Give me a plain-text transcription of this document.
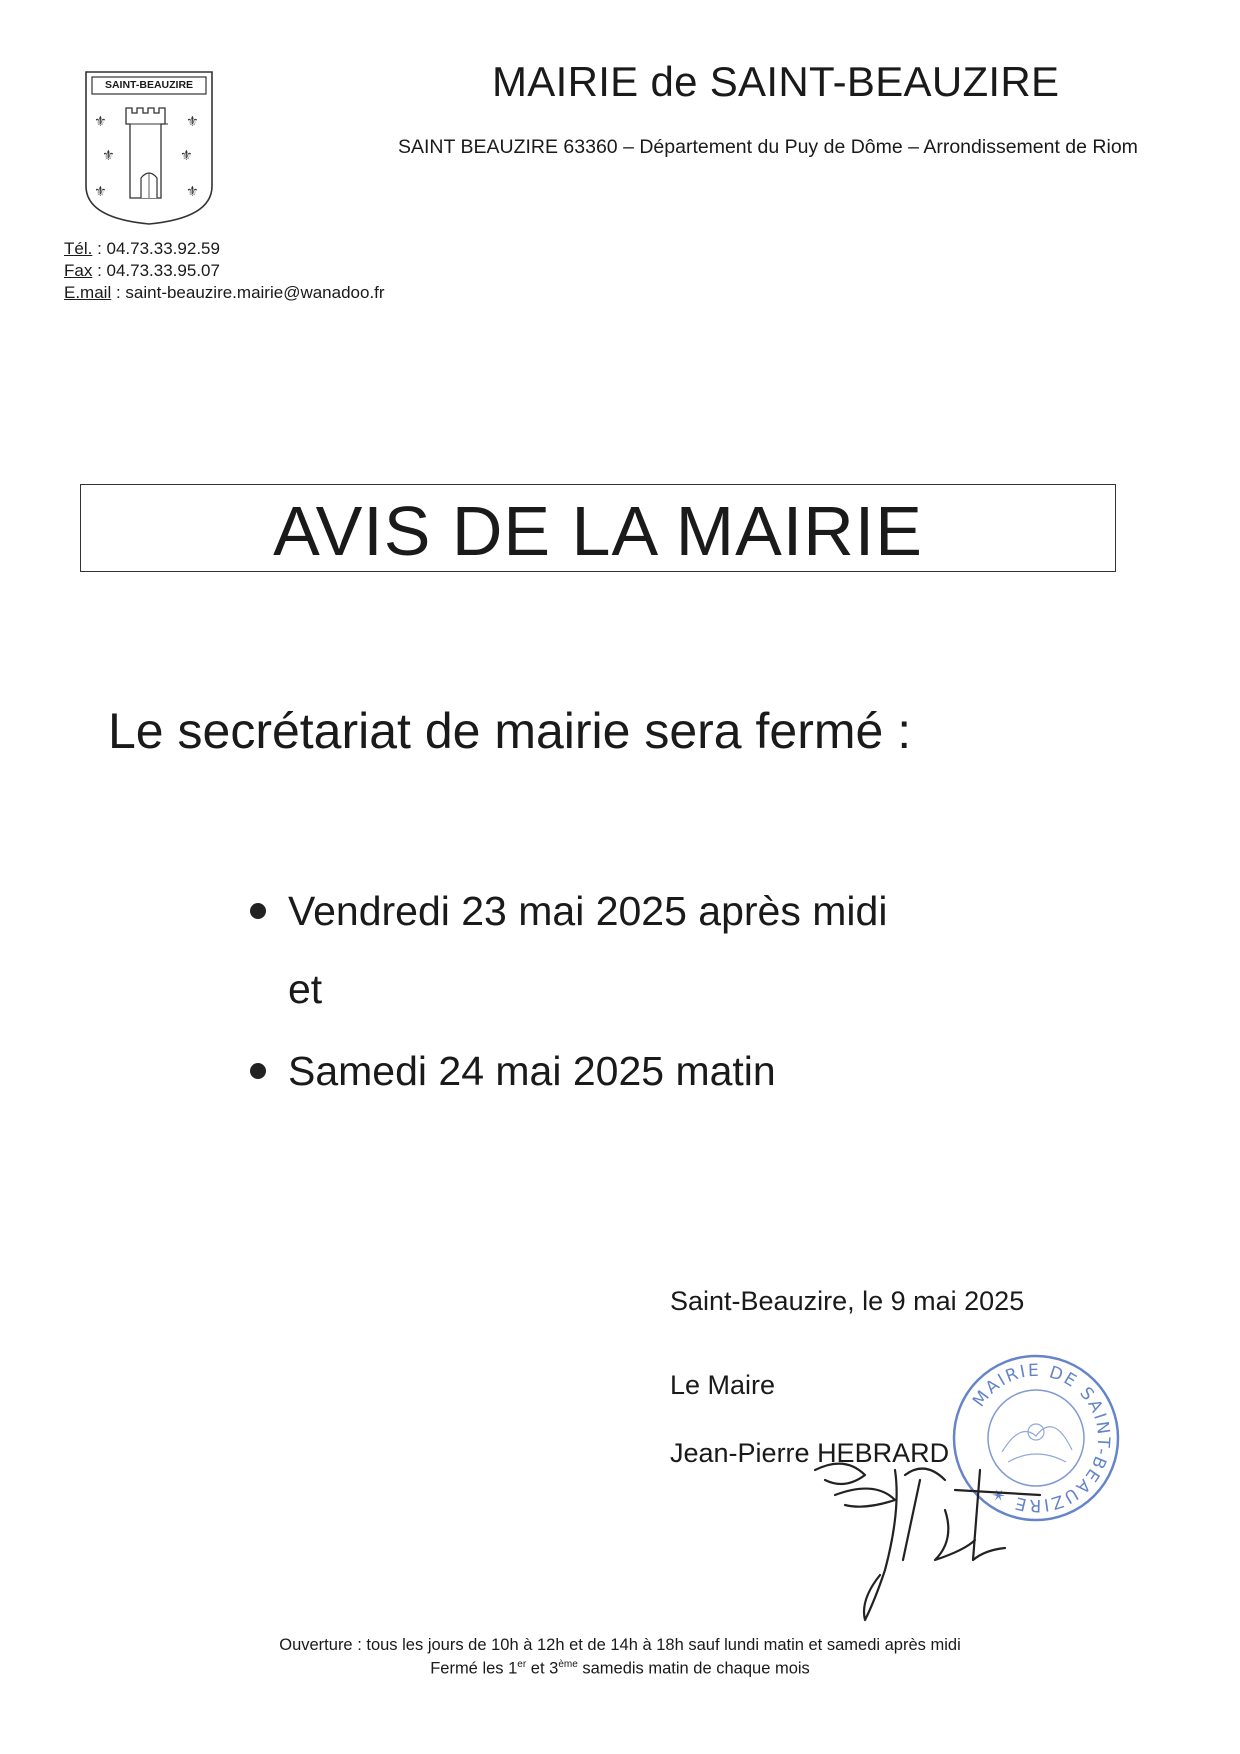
⚜	⚜
⚜	⚜
⚜	⚜
SAINT-BEAUZIRE	MAIRIE de SAINT-BEAUZIRE
SAINT BEAUZIRE 63360 – Département du Puy de Dôme – Arrondissement de Riom
Tél. : 04.73.33.92.59
Fax : 04.73.33.95.07
E.mail : saint-beauzire.mairie@wanadoo.fr
AVIS DE LA MAIRIE
Le secrétariat de mairie sera fermé :
Vendredi 23 mai 2025 après midi
et
Samedi 24 mai 2025 matin
Saint-Beauzire, le 9 mai 2025
Le Maire
Jean-Pierre HEBRARD
MAIRIE DE SAINT-BEAUZIRE ✶
Ouverture : tous les jours de 10h à 12h et de 14h à 18h sauf lundi matin et samedi après midi
Fermé les 1er et 3ème samedis matin de chaque mois
